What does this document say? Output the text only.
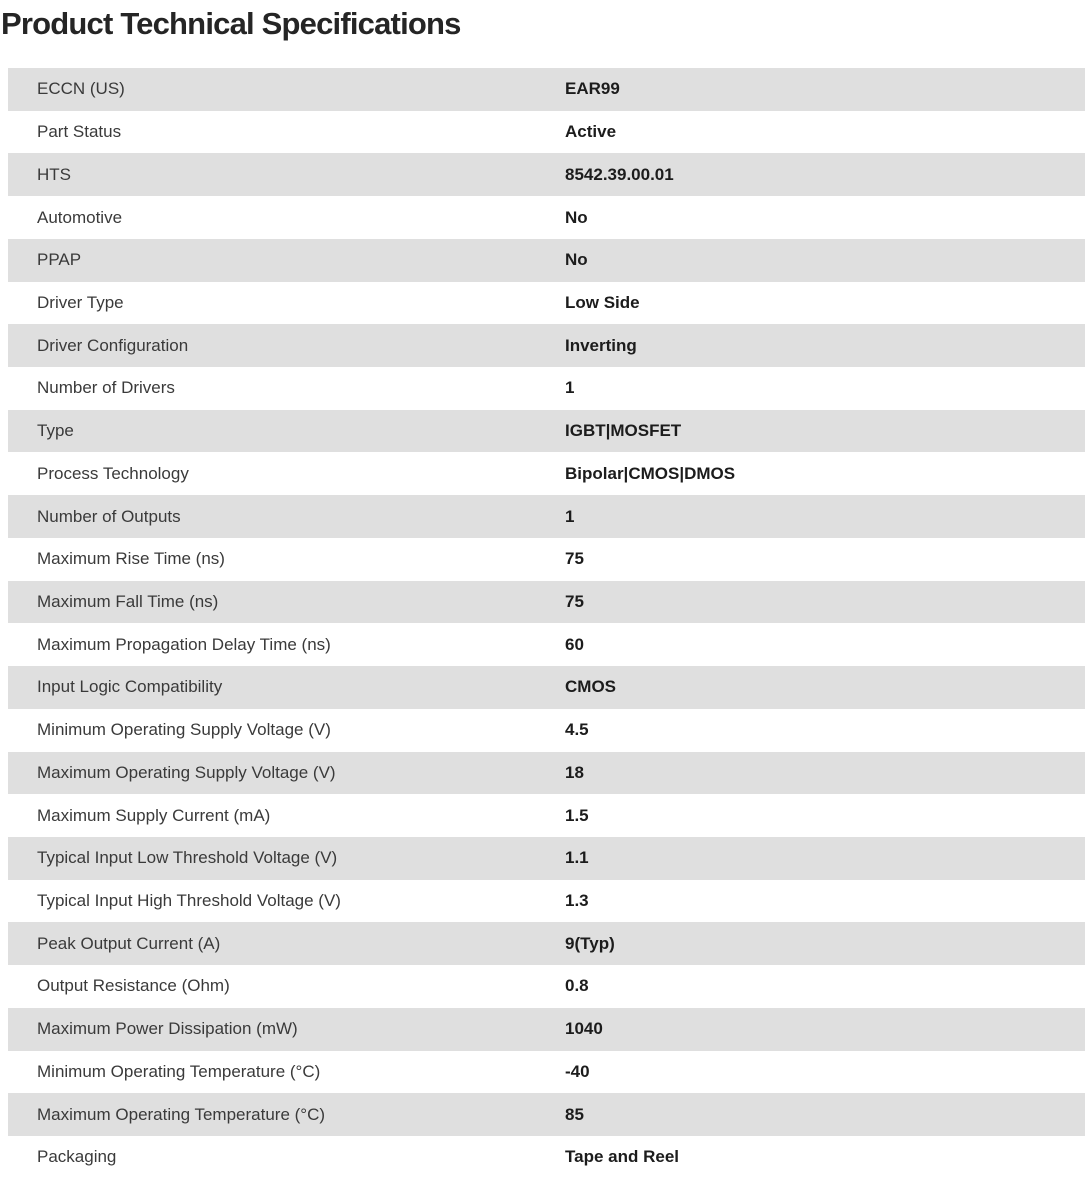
Product Technical Specifications
ECCN (US)	EAR99
Part Status	Active
HTS	8542.39.00.01
Automotive	No
PPAP	No
Driver Type	Low Side
Driver Configuration	Inverting
Number of Drivers	1
Type	IGBT|MOSFET
Process Technology	Bipolar|CMOS|DMOS
Number of Outputs	1
Maximum Rise Time (ns)	75
Maximum Fall Time (ns)	75
Maximum Propagation Delay Time (ns)	60
Input Logic Compatibility	CMOS
Minimum Operating Supply Voltage (V)	4.5
Maximum Operating Supply Voltage (V)	18
Maximum Supply Current (mA)	1.5
Typical Input Low Threshold Voltage (V)	1.1
Typical Input High Threshold Voltage (V)	1.3
Peak Output Current (A)	9(Typ)
Output Resistance (Ohm)	0.8
Maximum Power Dissipation (mW)	1040
Minimum Operating Temperature (°C)	-40
Maximum Operating Temperature (°C)	85
Packaging	Tape and Reel
